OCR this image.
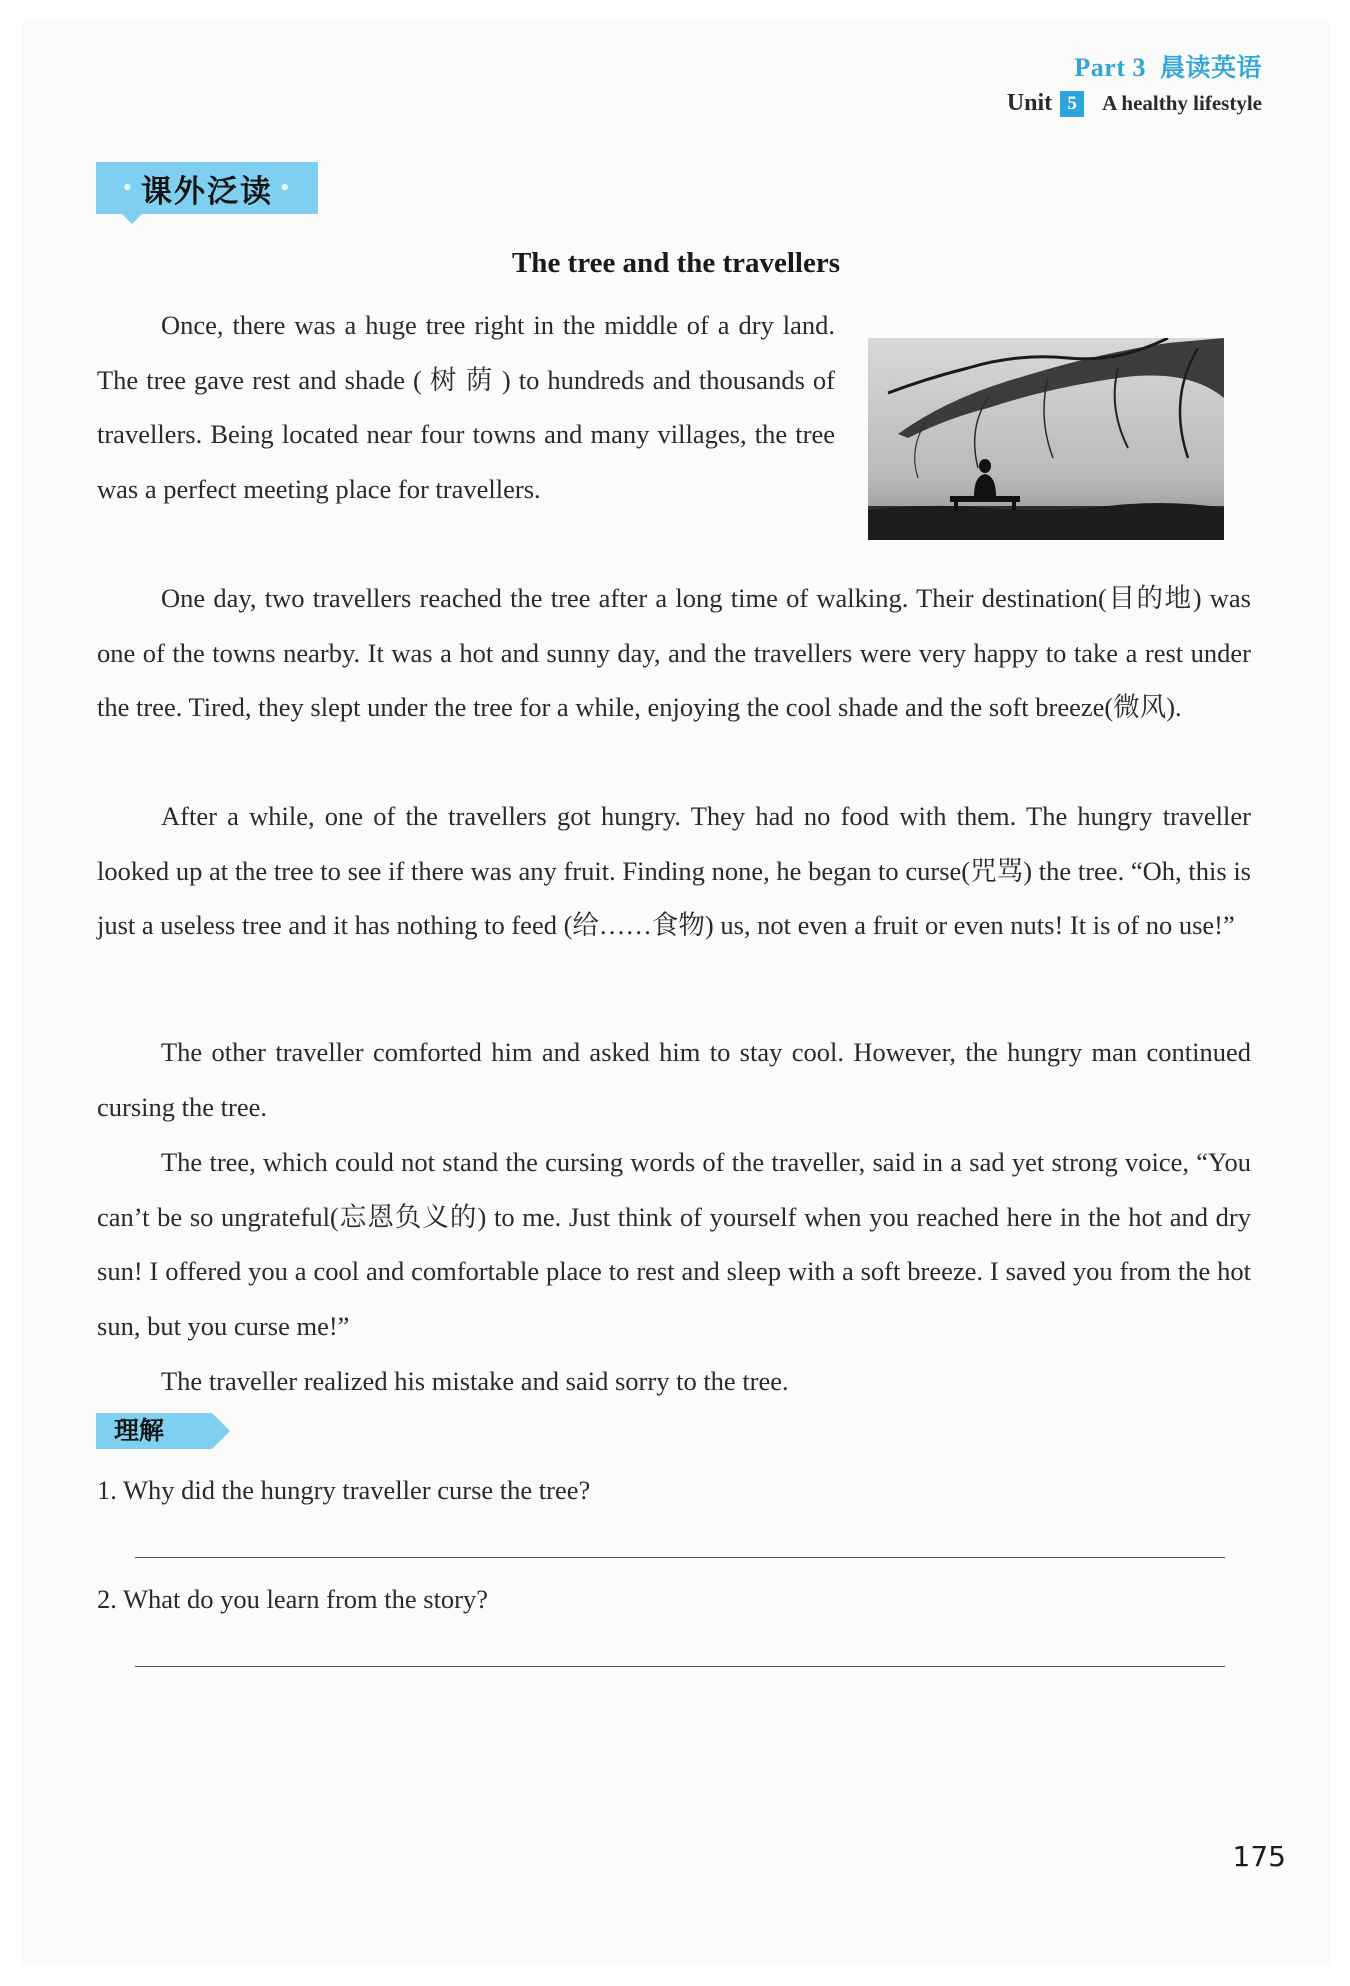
Part 3 晨读英语
Unit 5	A healthy lifestyle
• 课外泛读 •
The tree and the travellers
Once, there was a huge tree right in the middle of a dry land. The tree gave rest and shade ( 树 荫 ) to hundreds and thousands of travellers. Being located near four towns and many villages, the tree was a perfect meeting place for travellers.
One day, two travellers reached the tree after a long time of walking. Their destination(目的地) was one of the towns nearby. It was a hot and sunny day, and the travellers were very happy to take a rest under the tree. Tired, they slept under the tree for a while, enjoying the cool shade and the soft breeze(微风).
After a while, one of the travellers got hungry. They had no food with them. The hungry traveller looked up at the tree to see if there was any fruit. Finding none, he began to curse(咒骂) the tree. “Oh, this is just a useless tree and it has nothing to feed (给……食物) us, not even a fruit or even nuts! It is of no use!”
The other traveller comforted him and asked him to stay cool. However, the hungry man continued cursing the tree.
The tree, which could not stand the cursing words of the traveller, said in a sad yet strong voice, “You can’t be so ungrateful(忘恩负义的) to me. Just think of yourself when you reached here in the hot and dry sun! I offered you a cool and comfortable place to rest and sleep with a soft breeze. I saved you from the hot sun, but you curse me!”
The traveller realized his mistake and said sorry to the tree.
理解
1. Why did the hungry traveller curse the tree?
2. What do you learn from the story?
175
